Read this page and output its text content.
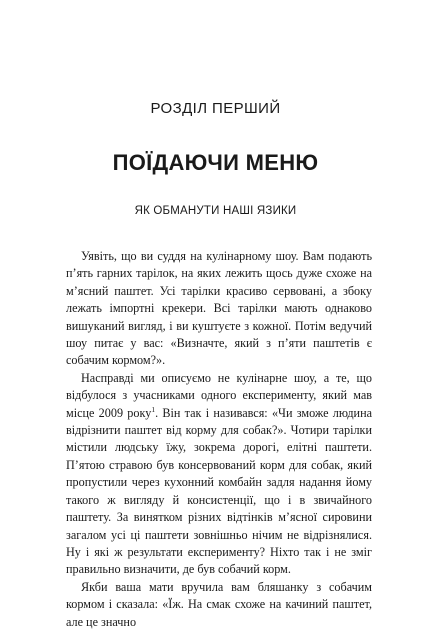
РОЗДІЛ ПЕРШИЙ
ПОЇДАЮЧИ МЕНЮ
ЯК ОБМАНУТИ НАШІ ЯЗИКИ

Уявіть, що ви суддя на кулінарному шоу. Вам подають п’ять гарних тарілок, на яких лежить щось дуже схоже на м’ясний паштет. Усі тарілки красиво сервовані, а збоку лежать імпортні крекери. Всі тарілки мають однаково вишуканий вигляд, і ви куштуєте з кожної. Потім ведучий шоу питає у вас: «Визначте, який з п’яти паштетів є собачим кормом?».

Насправді ми описуємо не кулінарне шоу, а те, що відбулося з учасниками одного експерименту, який мав місце 2009 року$^1$. Він так і називався: «Чи зможе людина відрізнити паштет від корму для собак?». Чотири тарілки містили людську їжу, зокрема дорогі, елітні паштети. П’ятою стравою був консервований корм для собак, який пропустили через кухонний комбайн задля надання йому такого ж вигляду й консистенції, що і в звичайного паштету. За винятком різних відтінків м’ясної сировини загалом усі ці паштети зовнішньо нічим не відрізнялися. Ну і які ж результати експерименту? Ніхто так і не зміг правильно визначити, де був собачий корм.

Якби ваша мати вручила вам бляшанку з собачим кормом і сказала: «Їж. На смак схоже на качиний паштет, але це значно
